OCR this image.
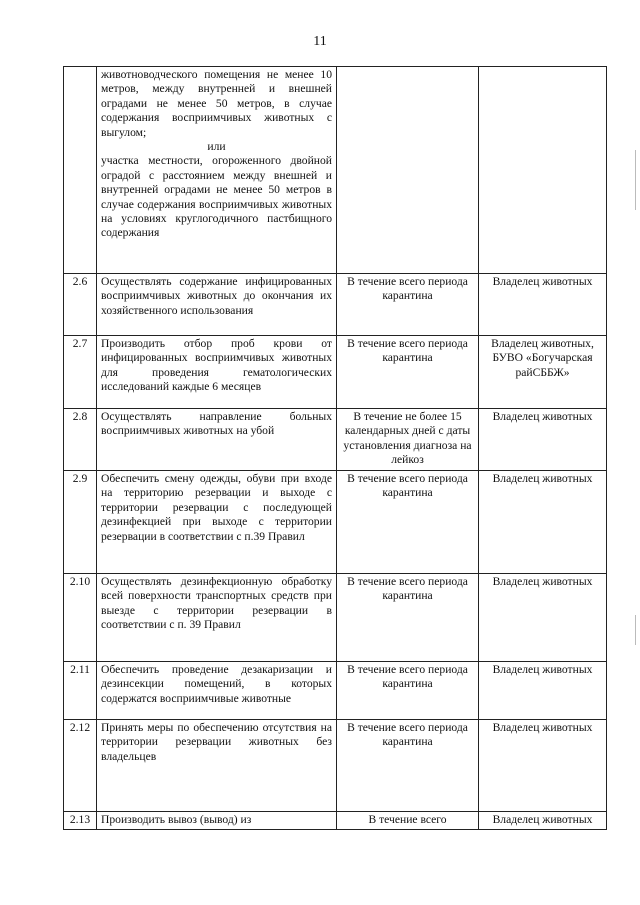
11

	животноводческого помещения не менее 10 метров, между внутренней и внешней оградами не менее 50 метров, в случае содержания восприимчивых животных с выгулом;
или
участка местности, огороженного двойной оградой с расстоянием между внешней и внутренней оградами не менее 50 метров в случае содержания восприимчивых животных на условиях круглогодичного пастбищного содержания		

2.6	Осуществлять содержание инфицированных восприимчивых животных до окончания их хозяйственного использования	В течение всего периода карантина	Владелец животных
2.7	Производить отбор проб крови от инфицированных восприимчивых животных для проведения гематологических исследований каждые 6 месяцев	В течение всего периода карантина	Владелец животных, БУВО «Богучарская райСББЖ»
2.8	Осуществлять направление больных восприимчивых животных на убой	В течение не более 15 календарных дней с даты установления диагноза на лейкоз	Владелец животных
2.9	Обеспечить смену одежды, обуви при входе на территорию резервации и выходе с территории резервации с последующей дезинфекцией при выходе с территории резервации в соответствии с п.39 Правил	В течение всего периода карантина	Владелец животных
2.10	Осуществлять дезинфекционную обработку всей поверхности транспортных средств при выезде с территории резервации в соответствии с п. 39 Правил	В течение всего периода карантина	Владелец животных
2.11	Обеспечить проведение дезакаризации и дезинсекции помещений, в которых содержатся восприимчивые животные	В течение всего периода карантина	Владелец животных
2.12	Принять меры по обеспечению отсутствия на территории резервации животных без владельцев	В течение всего периода карантина	Владелец животных
2.13	Производить вывоз (вывод) из	В течение всего	Владелец животных
